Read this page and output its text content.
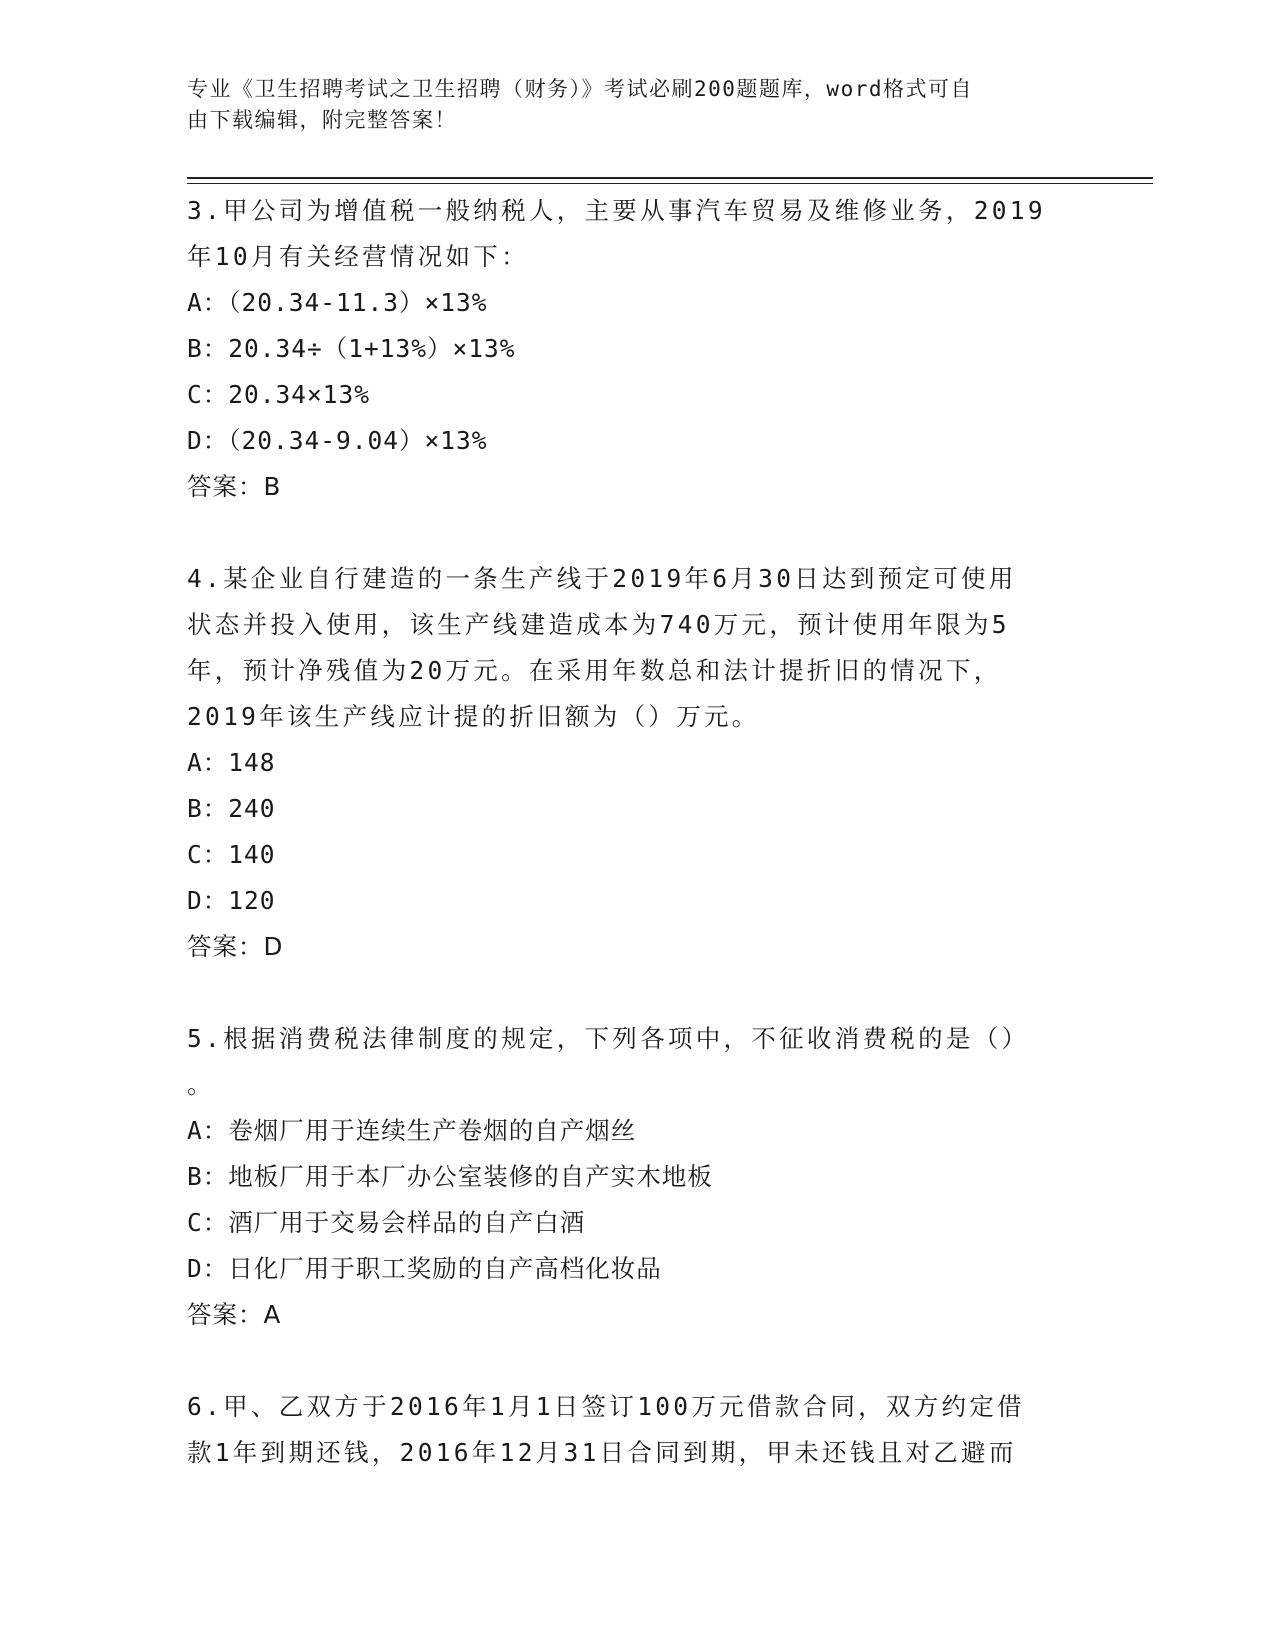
专业《卫生招聘考试之卫生招聘（财务）》考试必刷200题题库，word格式可自
由下载编辑，附完整答案！
3.甲公司为增值税一般纳税人，主要从事汽车贸易及维修业务，2019
年10月有关经营情况如下：
A：（20.34-11.3）×13%
B：20.34÷（1+13%）×13%
C：20.34×13%
D：（20.34-9.04）×13%
答案：B
4.某企业自行建造的一条生产线于2019年6月30日达到预定可使用
状态并投入使用，该生产线建造成本为740万元，预计使用年限为5
年，预计净残值为20万元。在采用年数总和法计提折旧的情况下，
2019年该生产线应计提的折旧额为（）万元。
A：148
B：240
C：140
D：120
答案：D
5.根据消费税法律制度的规定，下列各项中，不征收消费税的是（）
。
A：卷烟厂用于连续生产卷烟的自产烟丝
B：地板厂用于本厂办公室装修的自产实木地板
C：酒厂用于交易会样品的自产白酒
D：日化厂用于职工奖励的自产高档化妆品
答案：A
6.甲、乙双方于2016年1月1日签订100万元借款合同，双方约定借
款1年到期还钱，2016年12月31日合同到期，甲未还钱且对乙避而
